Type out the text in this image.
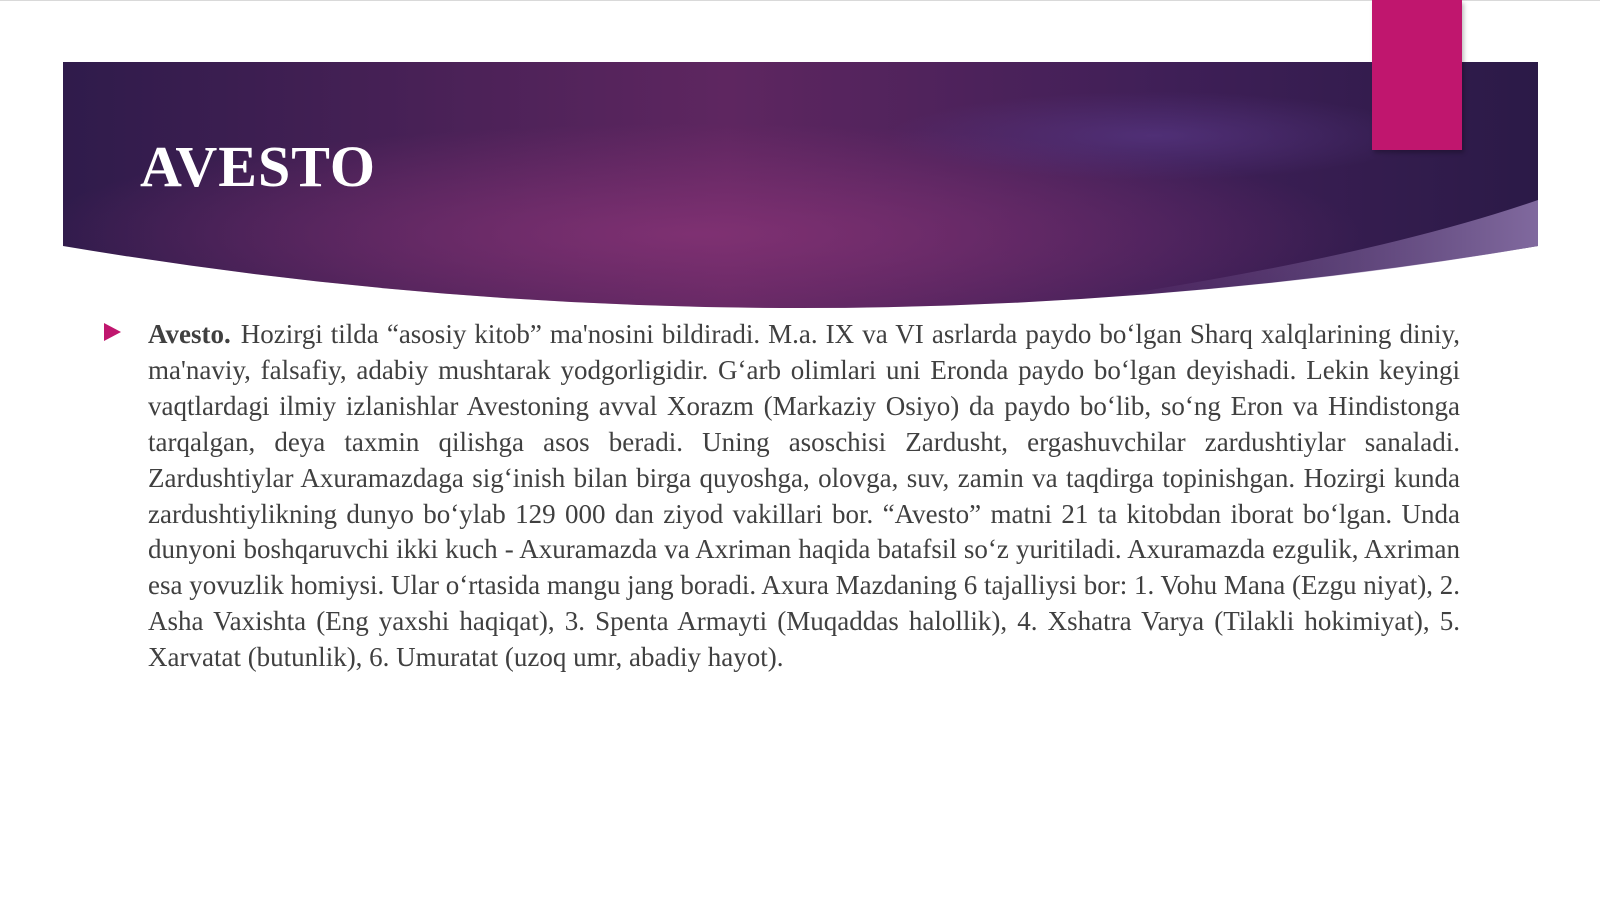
AVESTO

Avesto. Hozirgi tilda “asosiy kitob” ma'nosini bildiradi. M.a. IX va VI asrlarda paydo bo‘lgan Sharq xalqlarining diniy, ma'naviy, falsafiy, adabiy mushtarak yodgorligidir. G‘arb olimlari uni Eronda paydo bo‘lgan deyishadi. Lekin keyingi vaqtlardagi ilmiy izlanishlar Avestoning avval Xorazm (Markaziy Osiyo) da paydo bo‘lib, so‘ng Eron va Hindistonga tarqalgan, deya taxmin qilishga asos beradi. Uning asoschisi Zardusht, ergashuvchilar zardushtiylar sanaladi. Zardushtiylar Axuramazdaga sig‘inish bilan birga quyoshga, olovga, suv, zamin va taqdirga topinishgan. Hozirgi kunda zardushtiylikning dunyo bo‘ylab 129 000 dan ziyod vakillari bor. “Avesto” matni 21 ta kitobdan iborat bo‘lgan. Unda dunyoni boshqaruvchi ikki kuch - Axuramazda va Axriman haqida batafsil so‘z yuritiladi. Axuramazda ezgulik, Axriman esa yovuzlik homiysi. Ular o‘rtasida mangu jang boradi. Axura Mazdaning 6 tajalliysi bor: 1. Vohu Mana (Ezgu niyat), 2. Asha Vaxishta (Eng yaxshi haqiqat), 3. Spenta Armayti (Muqaddas halollik), 4. Xshatra Varya (Tilakli hokimiyat), 5. Xarvatat (butunlik), 6. Umuratat (uzoq umr, abadiy hayot).
